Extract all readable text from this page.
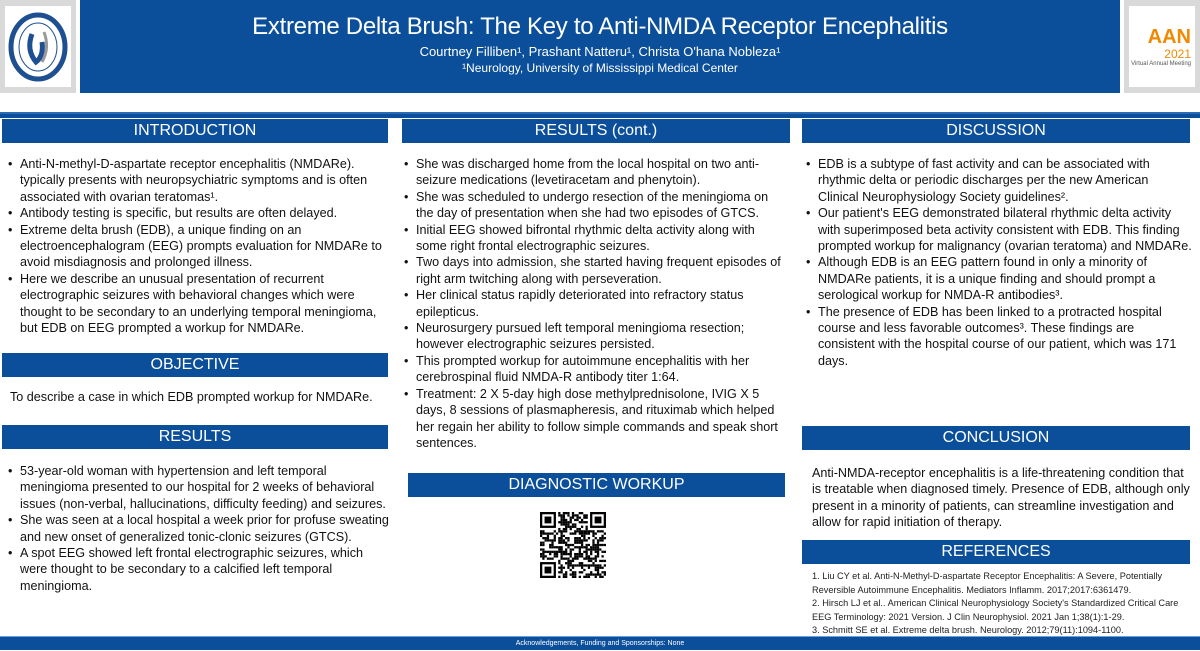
Extreme Delta Brush: The Key to Anti-NMDA Receptor Encephalitis
Courtney Filliben¹, Prashant Natteru¹, Christa O'hana Nobleza¹
¹Neurology, University of Mississippi Medical Center
AAN
2021
Virtual Annual Meeting
INTRODUCTION
• Anti-N-methyl-D-aspartate receptor encephalitis (NMDARe). typically presents with neuropsychiatric symptoms and is often associated with ovarian teratomas¹.
• Antibody testing is specific, but results are often delayed.
• Extreme delta brush (EDB), a unique finding on an electroencephalogram (EEG) prompts evaluation for NMDARe to avoid misdiagnosis and prolonged illness.
• Here we describe an unusual presentation of recurrent electrographic seizures with behavioral changes which were thought to be secondary to an underlying temporal meningioma, but EDB on EEG prompted a workup for NMDARe.
OBJECTIVE
To describe a case in which EDB prompted workup for NMDARe.
RESULTS
• 53-year-old woman with hypertension and left temporal meningioma presented to our hospital for 2 weeks of behavioral issues (non-verbal, hallucinations, difficulty feeding) and seizures.
• She was seen at a local hospital a week prior for profuse sweating and new onset of generalized tonic-clonic seizures (GTCS).
• A spot EEG showed left frontal electrographic seizures, which were thought to be secondary to a calcified left temporal meningioma.
RESULTS (cont.)
• She was discharged home from the local hospital on two anti-seizure medications (levetiracetam and phenytoin).
• She was scheduled to undergo resection of the meningioma on the day of presentation when she had two episodes of GTCS.
• Initial EEG showed bifrontal rhythmic delta activity along with some right frontal electrographic seizures.
• Two days into admission, she started having frequent episodes of right arm twitching along with perseveration.
• Her clinical status rapidly deteriorated into refractory status epilepticus.
• Neurosurgery pursued left temporal meningioma resection; however electrographic seizures persisted.
• This prompted workup for autoimmune encephalitis with her cerebrospinal fluid NMDA-R antibody titer 1:64.
• Treatment: 2 X 5-day high dose methylprednisolone, IVIG X 5 days, 8 sessions of plasmapheresis, and rituximab which helped her regain her ability to follow simple commands and speak short sentences.
DIAGNOSTIC WORKUP
DISCUSSION
• EDB is a subtype of fast activity and can be associated with rhythmic delta or periodic discharges per the new American Clinical Neurophysiology Society guidelines².
• Our patient's EEG demonstrated bilateral rhythmic delta activity with superimposed beta activity consistent with EDB. This finding prompted workup for malignancy (ovarian teratoma) and NMDARe.
• Although EDB is an EEG pattern found in only a minority of NMDARe patients, it is a unique finding and should prompt a serological workup for NMDA-R antibodies³.
• The presence of EDB has been linked to a protracted hospital course and less favorable outcomes³. These findings are consistent with the hospital course of our patient, which was 171 days.
CONCLUSION
Anti-NMDA-receptor encephalitis is a life-threatening condition that is treatable when diagnosed timely. Presence of EDB, although only present in a minority of patients, can streamline investigation and allow for rapid initiation of therapy.
REFERENCES
1. Liu CY et al. Anti-N-Methyl-D-aspartate Receptor Encephalitis: A Severe, Potentially Reversible Autoimmune Encephalitis. Mediators Inflamm. 2017;2017:6361479.
2. Hirsch LJ et al.. American Clinical Neurophysiology Society's Standardized Critical Care EEG Terminology: 2021 Version. J Clin Neurophysiol. 2021 Jan 1;38(1):1-29.
3. Schmitt SE et al. Extreme delta brush. Neurology. 2012;79(11):1094-1100.
Acknowledgements, Funding and Sponsorships: None
